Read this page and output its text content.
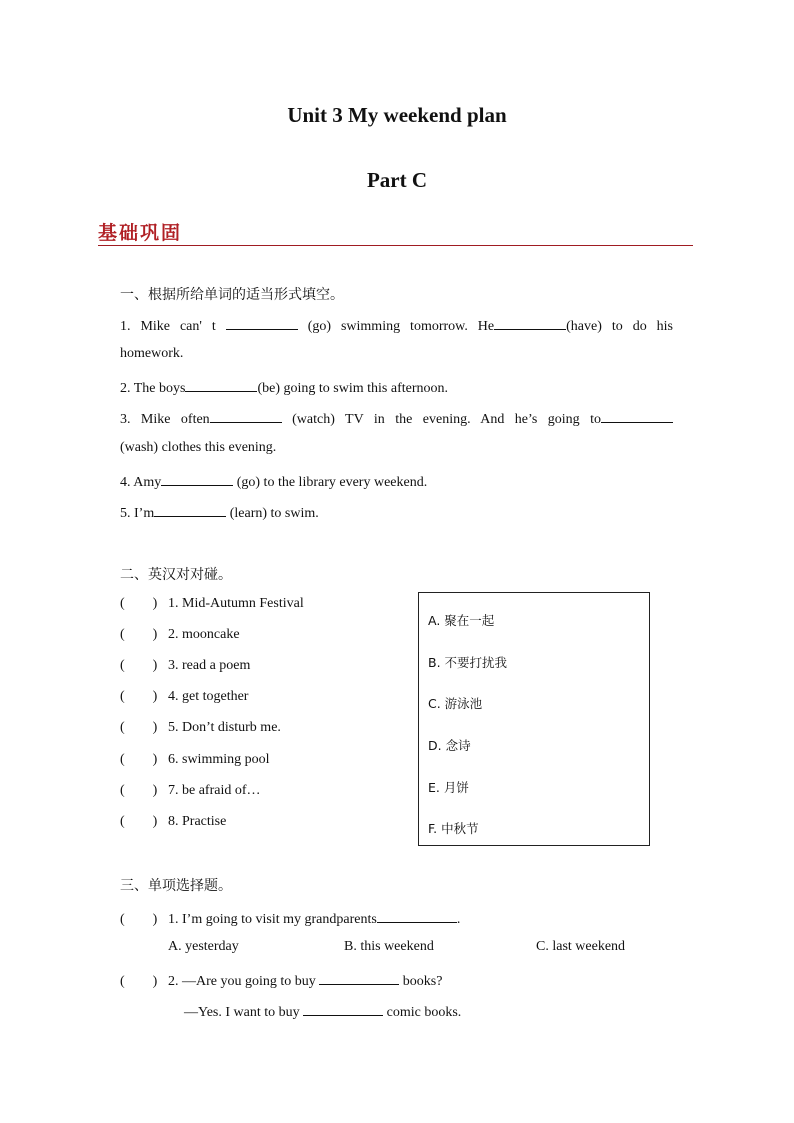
Unit 3 My weekend plan
Part C
基础巩固
一、根据所给单词的适当形式填空。
1. Mike can' t	(go) swimming tomorrow. He	(have) to do his
homework.
2. The boys	(be) going to swim this afternoon.
3. Mike often	(watch) TV in the evening. And he’s going to
(wash) clothes this evening.
4. Amy	(go) to the library every weekend.
5. I’m	(learn) to swim.
二、英汉对对碰。
( ) 1. Mid-Autumn Festival
( ) 2. mooncake
( ) 3. read a poem
( ) 4. get together
( ) 5. Don’t disturb me.
( ) 6. swimming pool
( ) 7. be afraid of…
( ) 8. Practise
A. 聚在一起
B. 不要打扰我
C. 游泳池
D. 念诗
E. 月饼
F. 中秋节
三、单项选择题。
( ) 1. I’m going to visit my grandparents	.
A. yesterday	B. this weekend	C. last weekend
( ) 2. —Are you going to buy	books?
—Yes. I want to buy	comic books.
